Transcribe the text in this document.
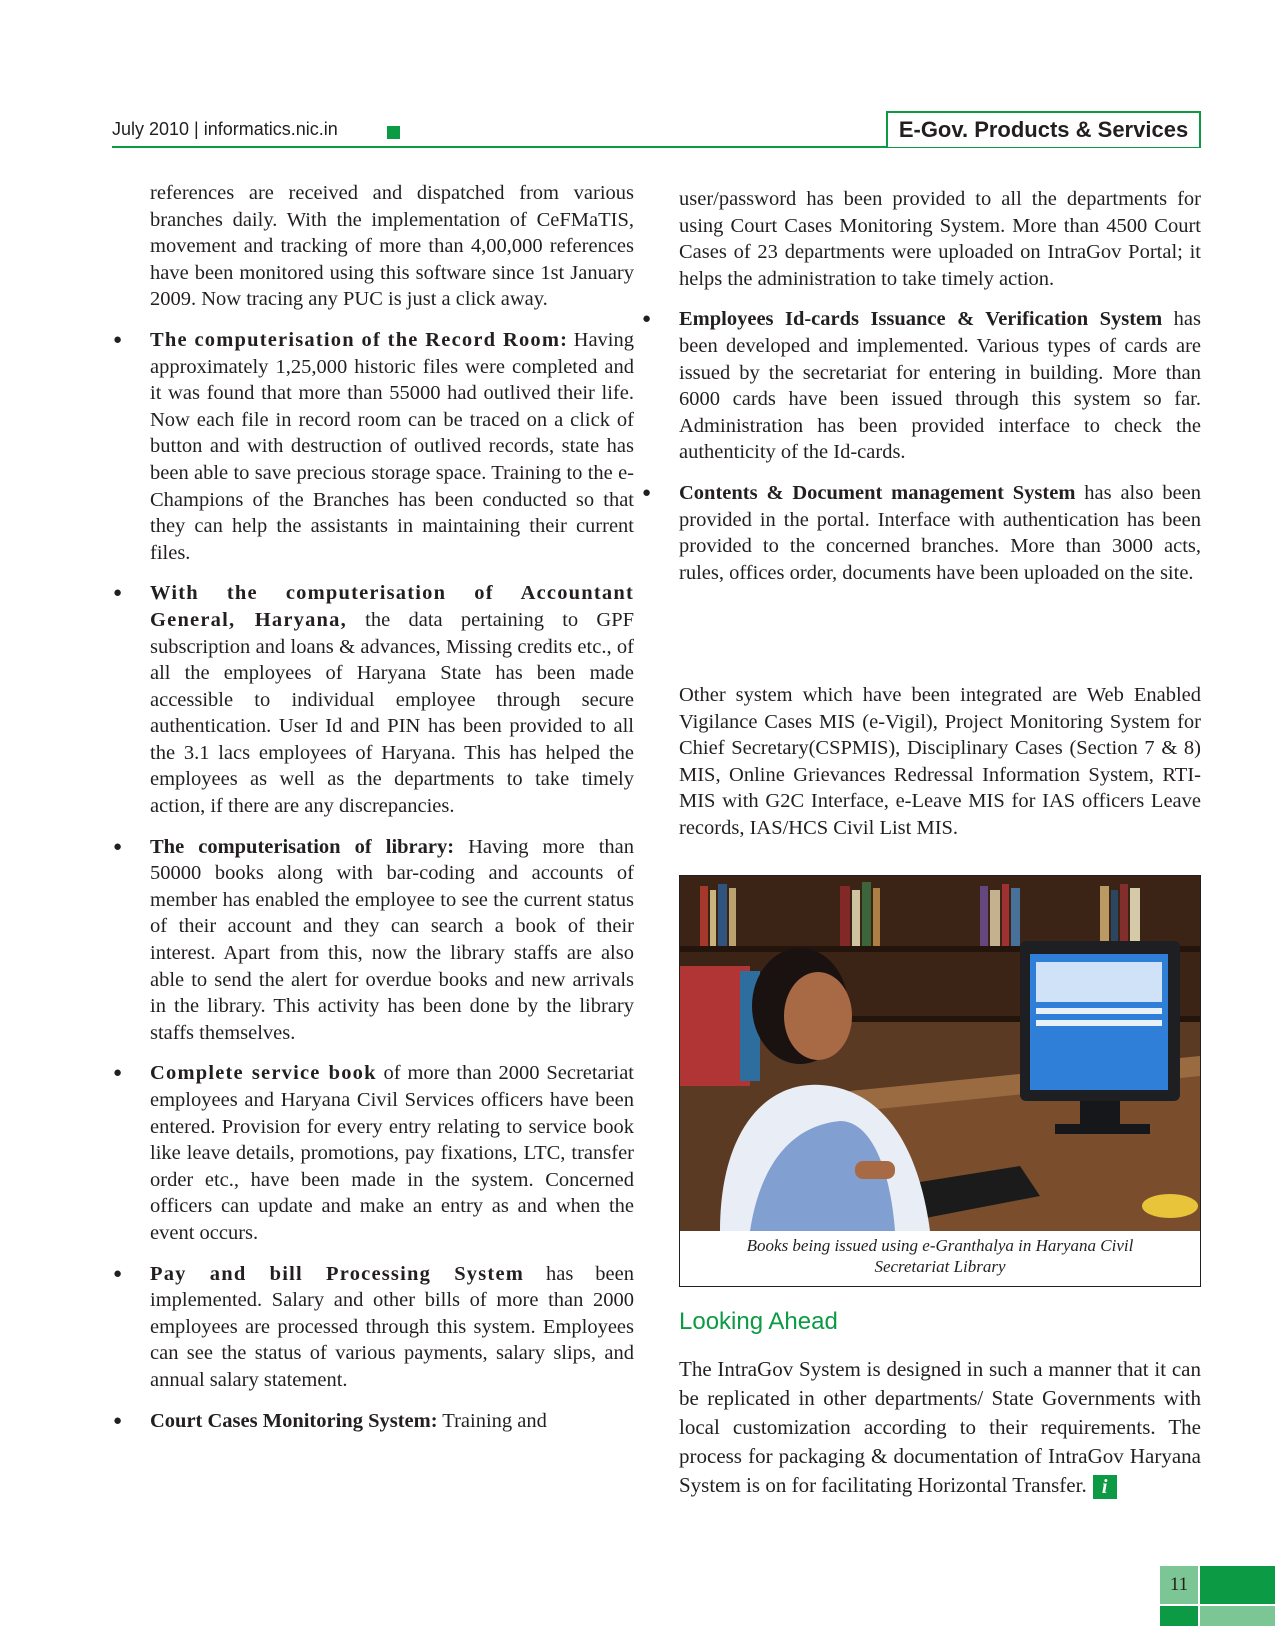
July 2010 | informatics.nic.in	E-Gov. Products & Services

references are received and dispatched from various branches daily. With the implementation of CeFMaTIS, movement and tracking of more than 4,00,000 references have been monitored using this software since 1st January 2009. Now tracing any PUC is just a click away.

● The computerisation of the Record Room: Having approximately 1,25,000 historic files were completed and it was found that more than 55000 had outlived their life. Now each file in record room can be traced on a click of button and with destruction of outlived records, state has been able to save precious storage space. Training to the e-Champions of the Branches has been conducted so that they can help the assistants in maintaining their current files.
● With the computerisation of Accountant General, Haryana, the data pertaining to GPF subscription and loans & advances, Missing credits etc., of all the employees of Haryana State has been made accessible to individual employee through secure authentication. User Id and PIN has been provided to all the 3.1 lacs employees of Haryana. This has helped the employees as well as the departments to take timely action, if there are any discrepancies.
● The computerisation of library: Having more than 50000 books along with bar-coding and accounts of member has enabled the employee to see the current status of their account and they can search a book of their interest. Apart from this, now the library staffs are also able to send the alert for overdue books and new arrivals in the library. This activity has been done by the library staffs themselves.
● Complete service book of more than 2000 Secretariat employees and Haryana Civil Services officers have been entered. Provision for every entry relating to service book like leave details, promotions, pay fixations, LTC, transfer order etc., have been made in the system. Concerned officers can update and make an entry as and when the event occurs.
● Pay and bill Processing System has been implemented. Salary and other bills of more than 2000 employees are processed through this system. Employees can see the status of various payments, salary slips, and annual salary statement.
● Court Cases Monitoring System: Training and

user/password has been provided to all the departments for using Court Cases Monitoring System. More than 4500 Court Cases of 23 departments were uploaded on IntraGov Portal; it helps the administration to take timely action.

● Employees Id-cards Issuance & Verification System has been developed and implemented. Various types of cards are issued by the secretariat for entering in building. More than 6000 cards have been issued through this system so far. Administration has been provided interface to check the authenticity of the Id-cards.
● Contents & Document management System has also been provided in the portal. Interface with authentication has been provided to the concerned branches. More than 3000 acts, rules, offices order, documents have been uploaded on the site.
Other system which have been integrated are Web Enabled Vigilance Cases MIS (e-Vigil), Project Monitoring System for Chief Secretary(CSPMIS), Disciplinary Cases (Section 7 & 8) MIS, Online Grievances Redressal Information System, RTI- MIS with G2C Interface, e-Leave MIS for IAS officers Leave records, IAS/HCS Civil List MIS.
Books being issued using e-Granthalya in Haryana Civil
Secretariat Library
Looking Ahead
The IntraGov System is designed in such a manner that it can be replicated in other departments/ State Governments with local customization according to their requirements. The process for packaging & documentation of IntraGov Haryana System is on for facilitating Horizontal Transfer. i
11
